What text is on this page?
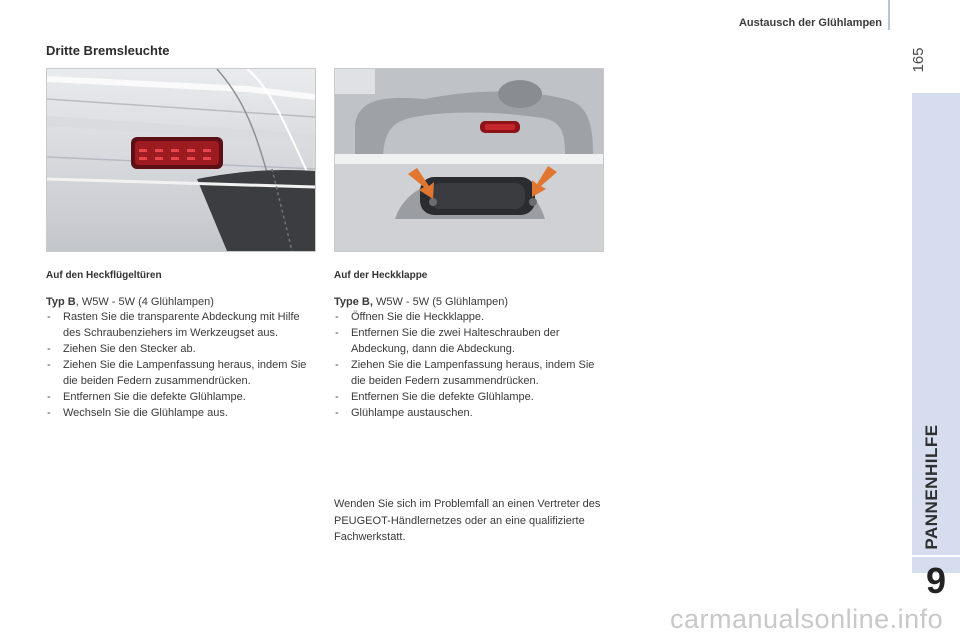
Austausch der Glühlampen
165
PANNENHILFE
9
Dritte Bremsleuchte

Auf den Heckflügeltüren

Typ B, W5W - 5W (4 Glühlampen)

- Rasten Sie die transparente Abdeckung mit Hilfe des Schraubenziehers im Werkzeugset aus.
- Ziehen Sie den Stecker ab.
- Ziehen Sie die Lampenfassung heraus, indem Sie die beiden Federn zusammendrücken.
- Entfernen Sie die defekte Glühlampe.
- Wechseln Sie die Glühlampe aus.

Auf der Heckklappe

Type B, W5W - 5W (5 Glühlampen)

- Öffnen Sie die Heckklappe.
- Entfernen Sie die zwei Halteschrauben der Abdeckung, dann die Abdeckung.
- Ziehen Sie die Lampenfassung heraus, indem Sie die beiden Federn zusammendrücken.
- Entfernen Sie die defekte Glühlampe.
- Glühlampe austauschen.
Wenden Sie sich im Problemfall an einen Vertreter des PEUGEOT-Händlernetzes oder an eine qualifizierte Fachwerkstatt.
carmanualsonline.info
